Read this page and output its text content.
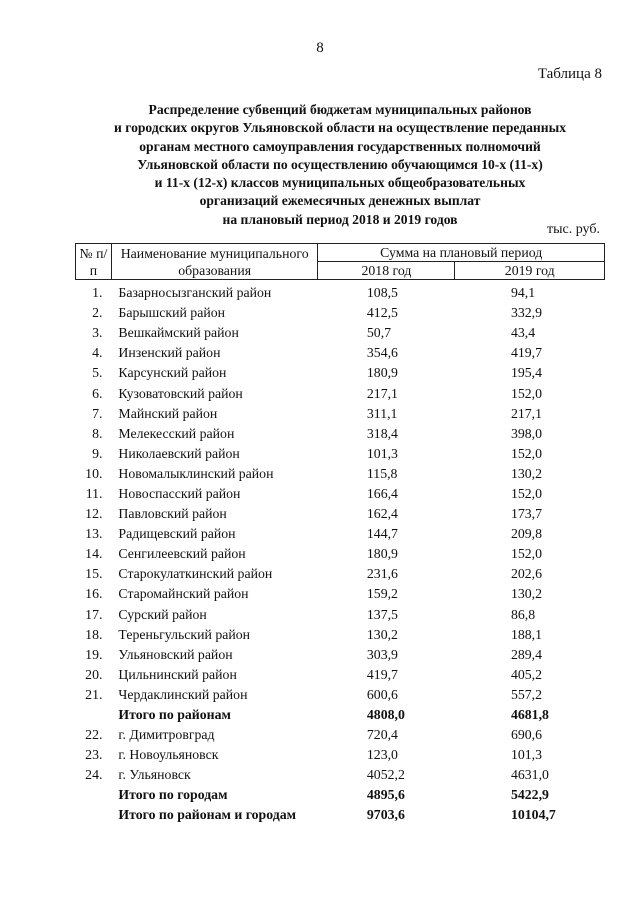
8
Таблица 8
Распределение субвенций бюджетам муниципальных районов
и городских округов Ульяновской области на осуществление переданных
органам местного самоуправления государственных полномочий
Ульяновской области по осуществлению обучающимся 10-х (11-х)
и 11-х (12-х) классов муниципальных общеобразовательных
организаций ежемесячных денежных выплат
на плановый период 2018 и 2019 годов
тыс. руб.
№ п/п	Наименование муниципального образования	Сумма на плановый период	
		2018 год	2019 год
1.	Базарносызганский район	108,5	94,1
2.	Барышский район	412,5	332,9
3.	Вешкаймский район	50,7	43,4
4.	Инзенский район	354,6	419,7
5.	Карсунский район	180,9	195,4
6.	Кузоватовский район	217,1	152,0
7.	Майнский район	311,1	217,1
8.	Мелекесский район	318,4	398,0
9.	Николаевский район	101,3	152,0
10.	Новомалыклинский район	115,8	130,2
11.	Новоспасский район	166,4	152,0
12.	Павловский район	162,4	173,7
13.	Радищевский район	144,7	209,8
14.	Сенгилеевский район	180,9	152,0
15.	Старокулаткинский район	231,6	202,6
16.	Старомайнский район	159,2	130,2
17.	Сурский район	137,5	86,8
18.	Тереньгульский район	130,2	188,1
19.	Ульяновский район	303,9	289,4
20.	Цильнинский район	419,7	405,2
21.	Чердаклинский район	600,6	557,2
	Итого по районам	4808,0	4681,8
22.	г. Димитровград	720,4	690,6
23.	г. Новоульяновск	123,0	101,3
24.	г. Ульяновск	4052,2	4631,0
	Итого по городам	4895,6	5422,9
	Итого по районам и городам	9703,6	10104,7
